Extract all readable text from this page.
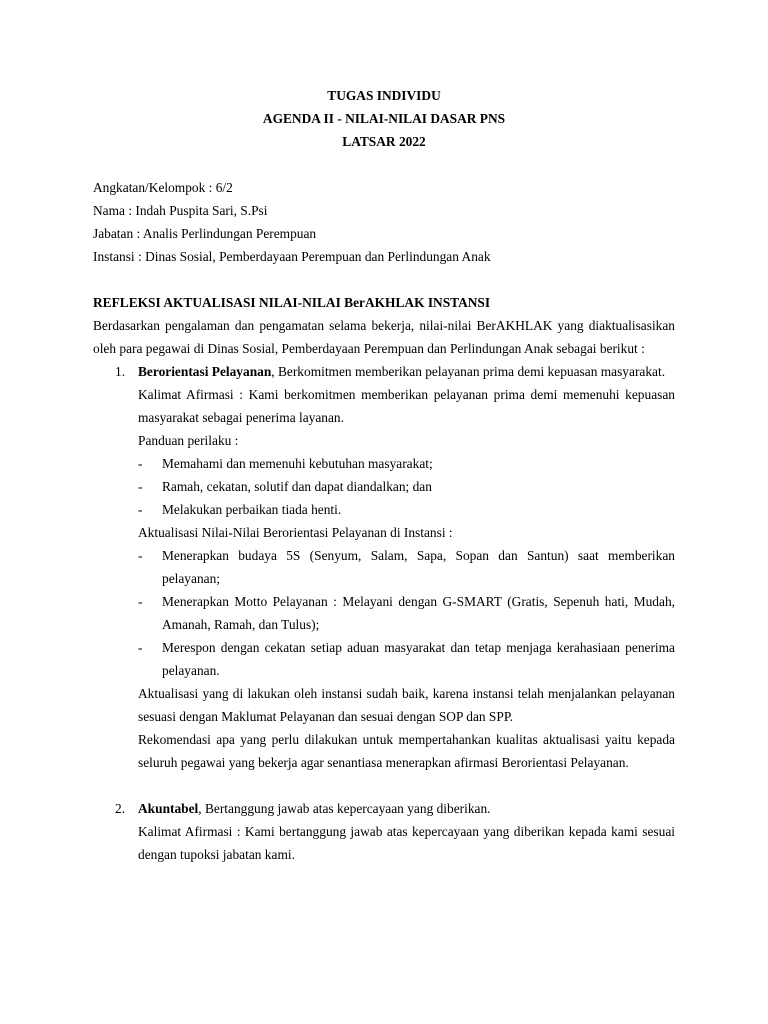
TUGAS INDIVIDU
AGENDA II - NILAI-NILAI DASAR PNS
LATSAR 2022
Angkatan/Kelompok : 6/2
Nama : Indah Puspita Sari, S.Psi
Jabatan : Analis Perlindungan Perempuan
Instansi : Dinas Sosial, Pemberdayaan Perempuan dan Perlindungan Anak

REFLEKSI AKTUALISASI NILAI-NILAI BerAKHLAK INSTANSI

Berdasarkan pengalaman dan pengamatan selama bekerja, nilai-nilai BerAKHLAK yang diaktualisasikan oleh para pegawai di Dinas Sosial, Pemberdayaan Perempuan dan Perlindungan Anak sebagai berikut :

1. Berorientasi Pelayanan, Berkomitmen memberikan pelayanan prima demi kepuasan masyarakat.

Kalimat Afirmasi : Kami berkomitmen memberikan pelayanan prima demi memenuhi kepuasan masyarakat sebagai penerima layanan.

Panduan perilaku :

- Memahami dan memenuhi kebutuhan masyarakat;

- Ramah, cekatan, solutif dan dapat diandalkan; dan

- Melakukan perbaikan tiada henti.

Aktualisasi Nilai-Nilai Berorientasi Pelayanan di Instansi :

- Menerapkan budaya 5S (Senyum, Salam, Sapa, Sopan dan Santun) saat memberikan pelayanan;

- Menerapkan Motto Pelayanan : Melayani dengan G-SMART (Gratis, Sepenuh hati, Mudah, Amanah, Ramah, dan Tulus);

- Merespon dengan cekatan setiap aduan masyarakat dan tetap menjaga kerahasiaan penerima pelayanan.

Aktualisasi yang di lakukan oleh instansi sudah baik, karena instansi telah menjalankan pelayanan sesuasi dengan Maklumat Pelayanan dan sesuai dengan SOP dan SPP.

Rekomendasi apa yang perlu dilakukan untuk mempertahankan kualitas aktualisasi yaitu kepada seluruh pegawai yang bekerja agar senantiasa menerapkan afirmasi Berorientasi Pelayanan.

2. Akuntabel, Bertanggung jawab atas kepercayaan yang diberikan.

Kalimat Afirmasi : Kami bertanggung jawab atas kepercayaan yang diberikan kepada kami sesuai dengan tupoksi jabatan kami.
